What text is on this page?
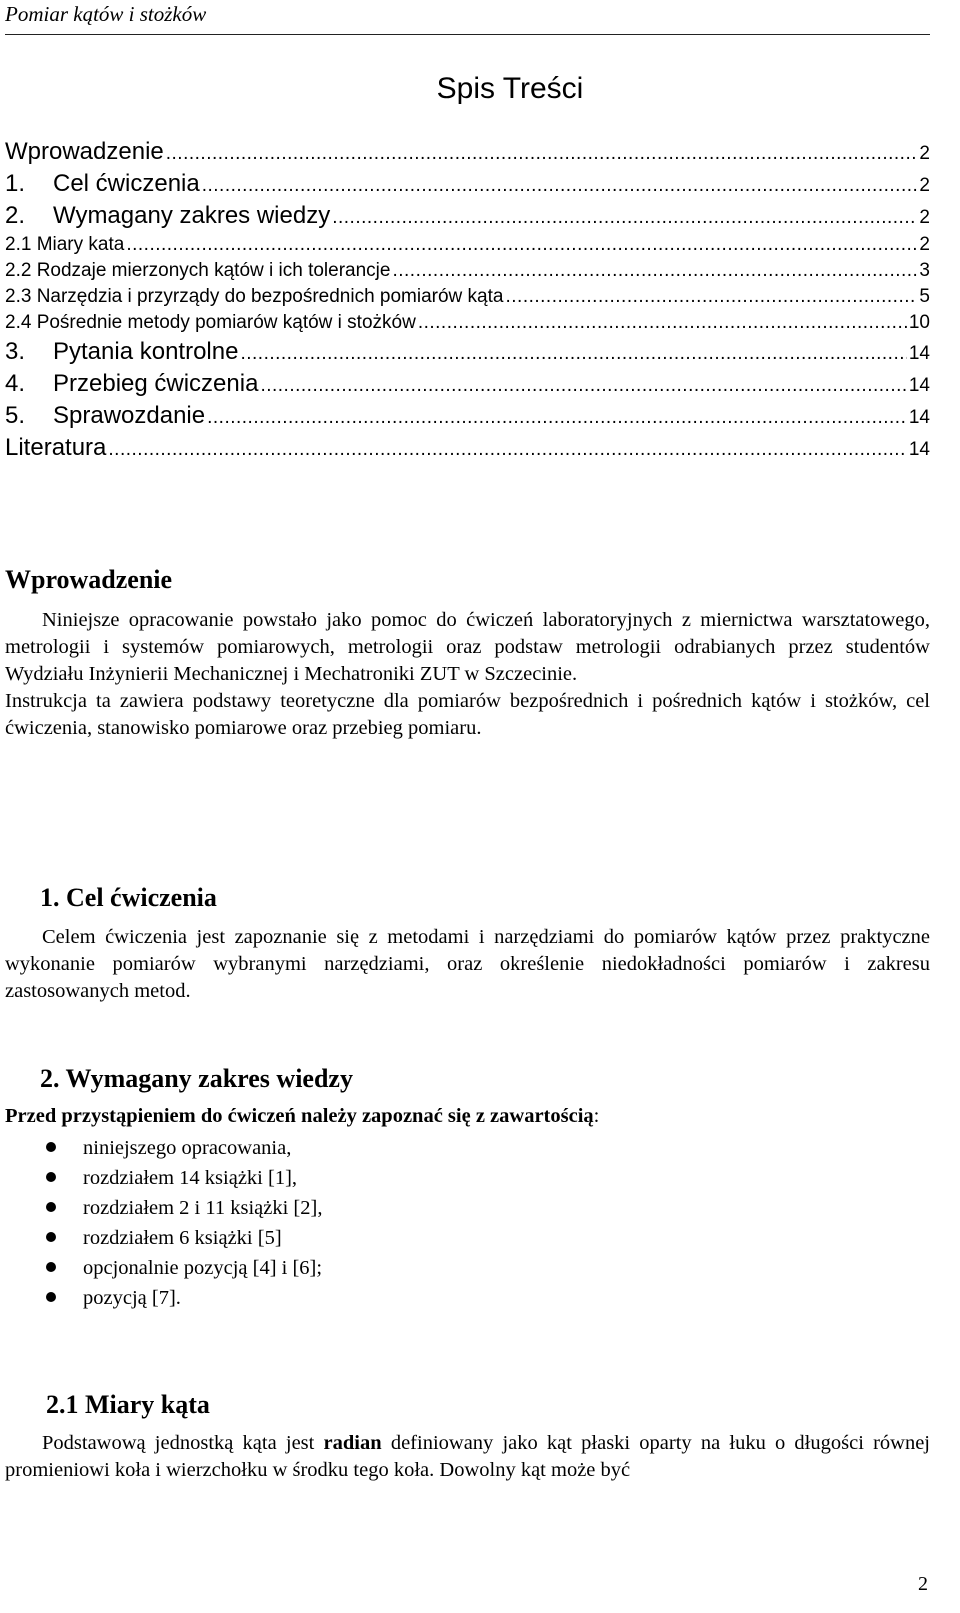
Pomiar kątów i stożków
Spis Treści
Wprowadzenie .....	2
1. Cel ćwiczenia .....	2
2. Wymagany zakres wiedzy .....	2
2.1 Miary kata .....	2
2.2 Rodzaje mierzonych kątów i ich tolerancje .....	3
2.3 Narzędzia i przyrządy do bezpośrednich pomiarów kąta .....	5
2.4 Pośrednie metody pomiarów kątów i stożków .....	10
3. Pytania kontrolne .....	14
4. Przebieg ćwiczenia .....	14
5. Sprawozdanie .....	14
Literatura .....	14
Wprowadzenie

Niniejsze opracowanie powstało jako pomoc do ćwiczeń laboratoryjnych z miernictwa warsztatowego, metrologii i systemów pomiarowych, metrologii oraz podstaw metrologii odrabianych przez studentów Wydziału Inżynierii Mechanicznej i Mechatroniki ZUT w Szczecinie.

Instrukcja ta zawiera podstawy teoretyczne dla pomiarów bezpośrednich i pośrednich kątów i stożków, cel ćwiczenia, stanowisko pomiarowe oraz przebieg pomiaru.

1. Cel ćwiczenia

Celem ćwiczenia jest zapoznanie się z metodami i narzędziami do pomiarów kątów przez praktyczne wykonanie pomiarów wybranymi narzędziami, oraz określenie niedokładności pomiarów i zakresu zastosowanych metod.

2. Wymagany zakres wiedzy
Przed przystąpieniem do ćwiczeń należy zapoznać się z zawartością:
niniejszego opracowania,
rozdziałem 14 książki [1],
rozdziałem 2 i 11 książki [2],
rozdziałem 6 książki [5]
opcjonalnie pozycją [4] i [6];
pozycją [7].
2.1 Miary kąta

Podstawową jednostką kąta jest radian definiowany jako kąt płaski oparty na łuku o długości równej promieniowi koła i wierzchołku w środku tego koła. Dowolny kąt może być

2
